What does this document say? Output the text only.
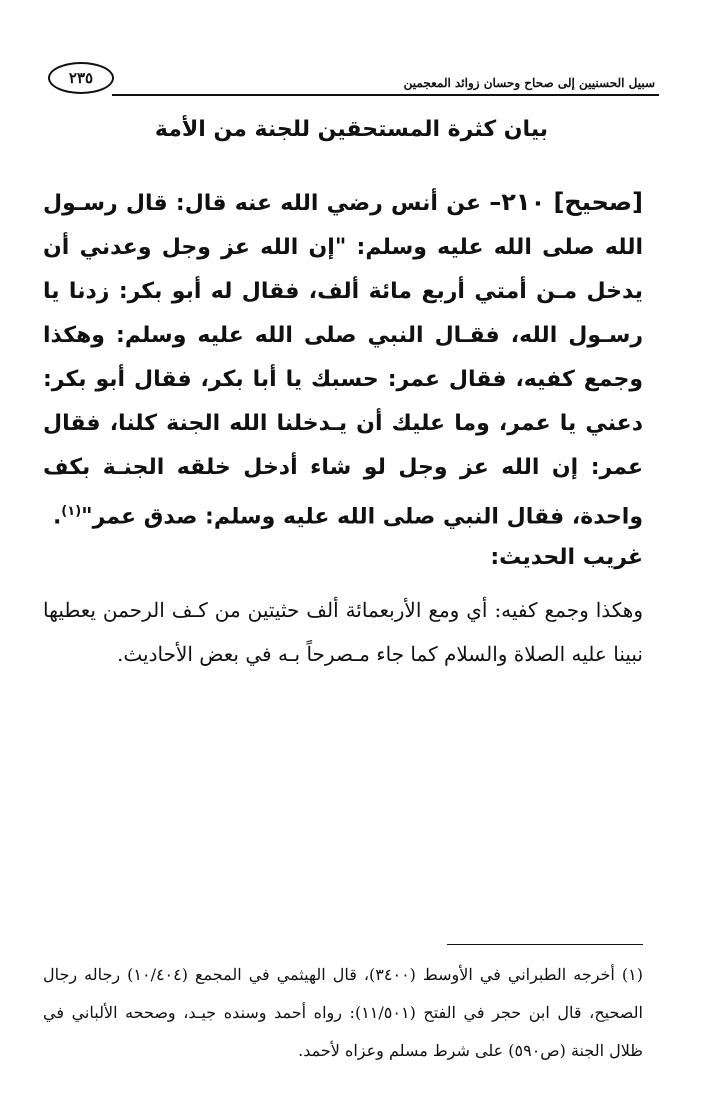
سبيل الحسنيين إلى صحاح وحسان زوائد المعجمين
٢٣٥
بيان كثرة المستحقين للجنة من الأمة

[صحيح] ٢١٠– عن أنس رضي الله عنه قال: قال رسـول الله صلى الله عليه وسلم: "إن الله عز وجل وعدني أن يدخل مـن أمتي أربع مائة ألف، فقال له أبو بكر: زدنا يا رسـول الله، فقـال النبي صلى الله عليه وسلم: وهكذا وجمع كفيه، فقال عمر: حسبك يا أبا بكر، فقال أبو بكر: دعني يا عمر، وما عليك أن يـدخلنا الله الجنة كلنا، فقال عمر: إن الله عز وجل لو شاء أدخل خلقه الجنـة بكف واحدة، فقال النبي صلى الله عليه وسلم: صدق عمر"$^{(١)}$.

غريب الحديث:

وهكذا وجمع كفيه: أي ومع الأربعمائة ألف حثيتين من كـف الرحمن يعطيها نبينا عليه الصلاة والسلام كما جاء مـصرحاً بـه في بعض الأحاديث.

(١) أخرجه الطبراني في الأوسط (٣٤٠٠)، قال الهيثمي في المجمع (١٠/٤٠٤) رجاله رجال الصحيح، قال ابن حجر في الفتح (١١/٥٠١): رواه أحمد وسنده جيـد، وصححه الألباني في ظلال الجنة (ص٥٩٠) على شرط مسلم وعزاه لأحمد.
